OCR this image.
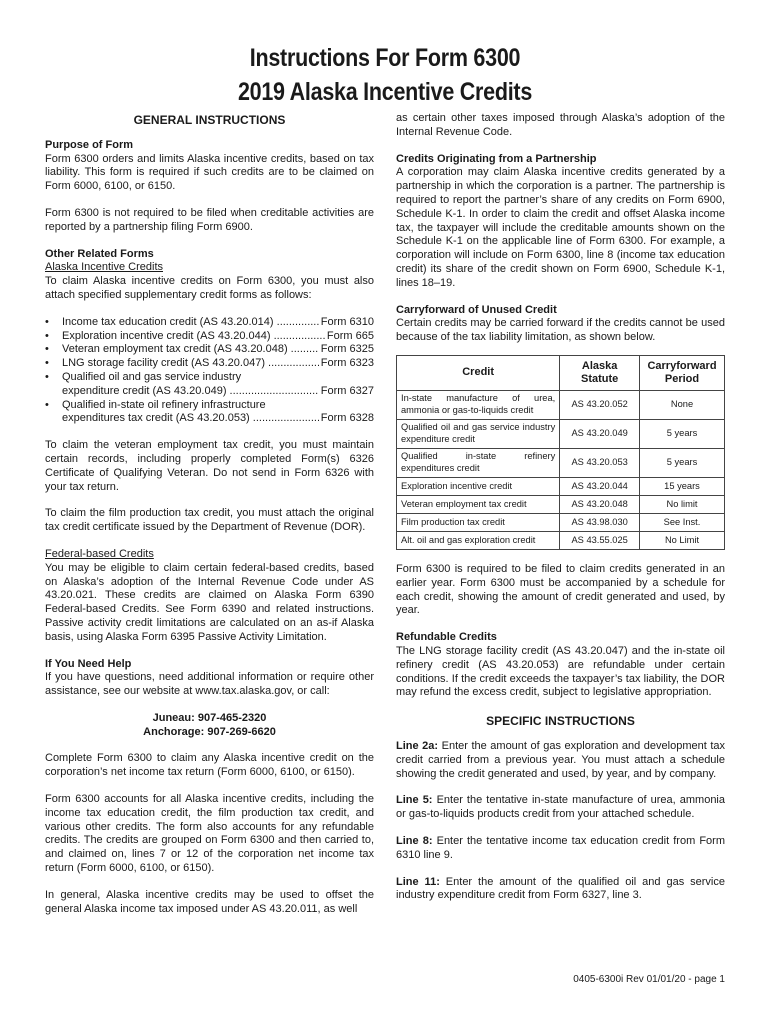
Instructions For Form 6300
2019 Alaska Incentive Credits

GENERAL INSTRUCTIONS

Purpose of Form

Form 6300 orders and limits Alaska incentive credits, based on tax liability. This form is required if such credits are to be claimed on Form 6000, 6100, or 6150.

Form 6300 is not required to be filed when creditable activities are reported by a partnership filing Form 6900.

Other Related Forms

Alaska Incentive Credits

To claim Alaska incentive credits on Form 6300, you must also attach specified supplementary credit forms as follows:

• Income tax education credit (AS 43.20.014) .....	Form 6310
• Exploration incentive credit (AS 43.20.044) .....	Form 665
• Veteran employment tax credit (AS 43.20.048) .....	Form 6325
• LNG storage facility credit (AS 43.20.047) .....	Form 6323
• Qualified oil and gas service industry
expenditure credit (AS 43.20.049) .....	Form 6327
• Qualified in-state oil refinery infrastructure
expenditures tax credit (AS 43.20.053) .....	Form 6328

To claim the veteran employment tax credit, you must maintain certain records, including properly completed Form(s) 6326 Certificate of Qualifying Veteran. Do not send in Form 6326 with your tax return.

To claim the film production tax credit, you must attach the original tax credit certificate issued by the Department of Revenue (DOR).

Federal-based Credits

You may be eligible to claim certain federal-based credits, based on Alaska’s adoption of the Internal Revenue Code under AS 43.20.021. These credits are claimed on Alaska Form 6390 Federal-based Credits. See Form 6390 and related instructions. Passive activity credit limitations are calculated on an as-if Alaska basis, using Alaska Form 6395 Passive Activity Limitation.

If You Need Help

If you have questions, need additional information or require other assistance, see our website at www.tax.alaska.gov, or call:

Juneau: 907-465-2320

Anchorage: 907-269-6620

Complete Form 6300 to claim any Alaska incentive credit on the corporation’s net income tax return (Form 6000, 6100, or 6150).

Form 6300 accounts for all Alaska incentive credits, including the income tax education credit, the film production tax credit, and various other credits. The form also accounts for any refundable credits. The credits are grouped on Form 6300 and then carried to, and claimed on, lines 7 or 12 of the corporation net income tax return (Form 6000, 6100, or 6150).

In general, Alaska incentive credits may be used to offset the general Alaska income tax imposed under AS 43.20.011, as well

as certain other taxes imposed through Alaska’s adoption of the Internal Revenue Code.

Credits Originating from a Partnership

A corporation may claim Alaska incentive credits generated by a partnership in which the corporation is a partner. The partnership is required to report the partner’s share of any credits on Form 6900, Schedule K-1. In order to claim the credit and offset Alaska income tax, the taxpayer will include the creditable amounts shown on the Schedule K-1 on the applicable line of Form 6300. For example, a corporation will include on Form 6300, line 8 (income tax education credit) its share of the credit shown on Form 6900, Schedule K-1, lines 18–19.

Carryforward of Unused Credit

Certain credits may be carried forward if the credits cannot be used because of the tax liability limitation, as shown below.

Credit	Alaska Statute	Carryforward Period
In-state manufacture of urea, ammonia or gas-to-liquids credit	AS 43.20.052	None
Qualified oil and gas service industry expenditure credit	AS 43.20.049	5 years
Qualified in-state refinery expenditures credit	AS 43.20.053	5 years
Exploration incentive credit	AS 43.20.044	15 years
Veteran employment tax credit	AS 43.20.048	No limit
Film production tax credit	AS 43.98.030	See Inst.
Alt. oil and gas exploration credit	AS 43.55.025	No Limit

Form 6300 is required to be filed to claim credits generated in an earlier year. Form 6300 must be accompanied by a schedule for each credit, showing the amount of credit generated and used, by year.

Refundable Credits

The LNG storage facility credit (AS 43.20.047) and the in-state oil refinery credit (AS 43.20.053) are refundable under certain conditions. If the credit exceeds the taxpayer’s tax liability, the DOR may refund the excess credit, subject to legislative appropriation.

SPECIFIC INSTRUCTIONS

Line 2a: Enter the amount of gas exploration and development tax credit carried from a previous year. You must attach a schedule showing the credit generated and used, by year, and by company.

Line 5: Enter the tentative in-state manufacture of urea, ammonia or gas-to-liquids products credit from your attached schedule.

Line 8: Enter the tentative income tax education credit from Form 6310 line 9.

Line 11: Enter the amount of the qualified oil and gas service industry expenditure credit from Form 6327, line 3.

0405-6300i Rev 01/01/20 - page 1
